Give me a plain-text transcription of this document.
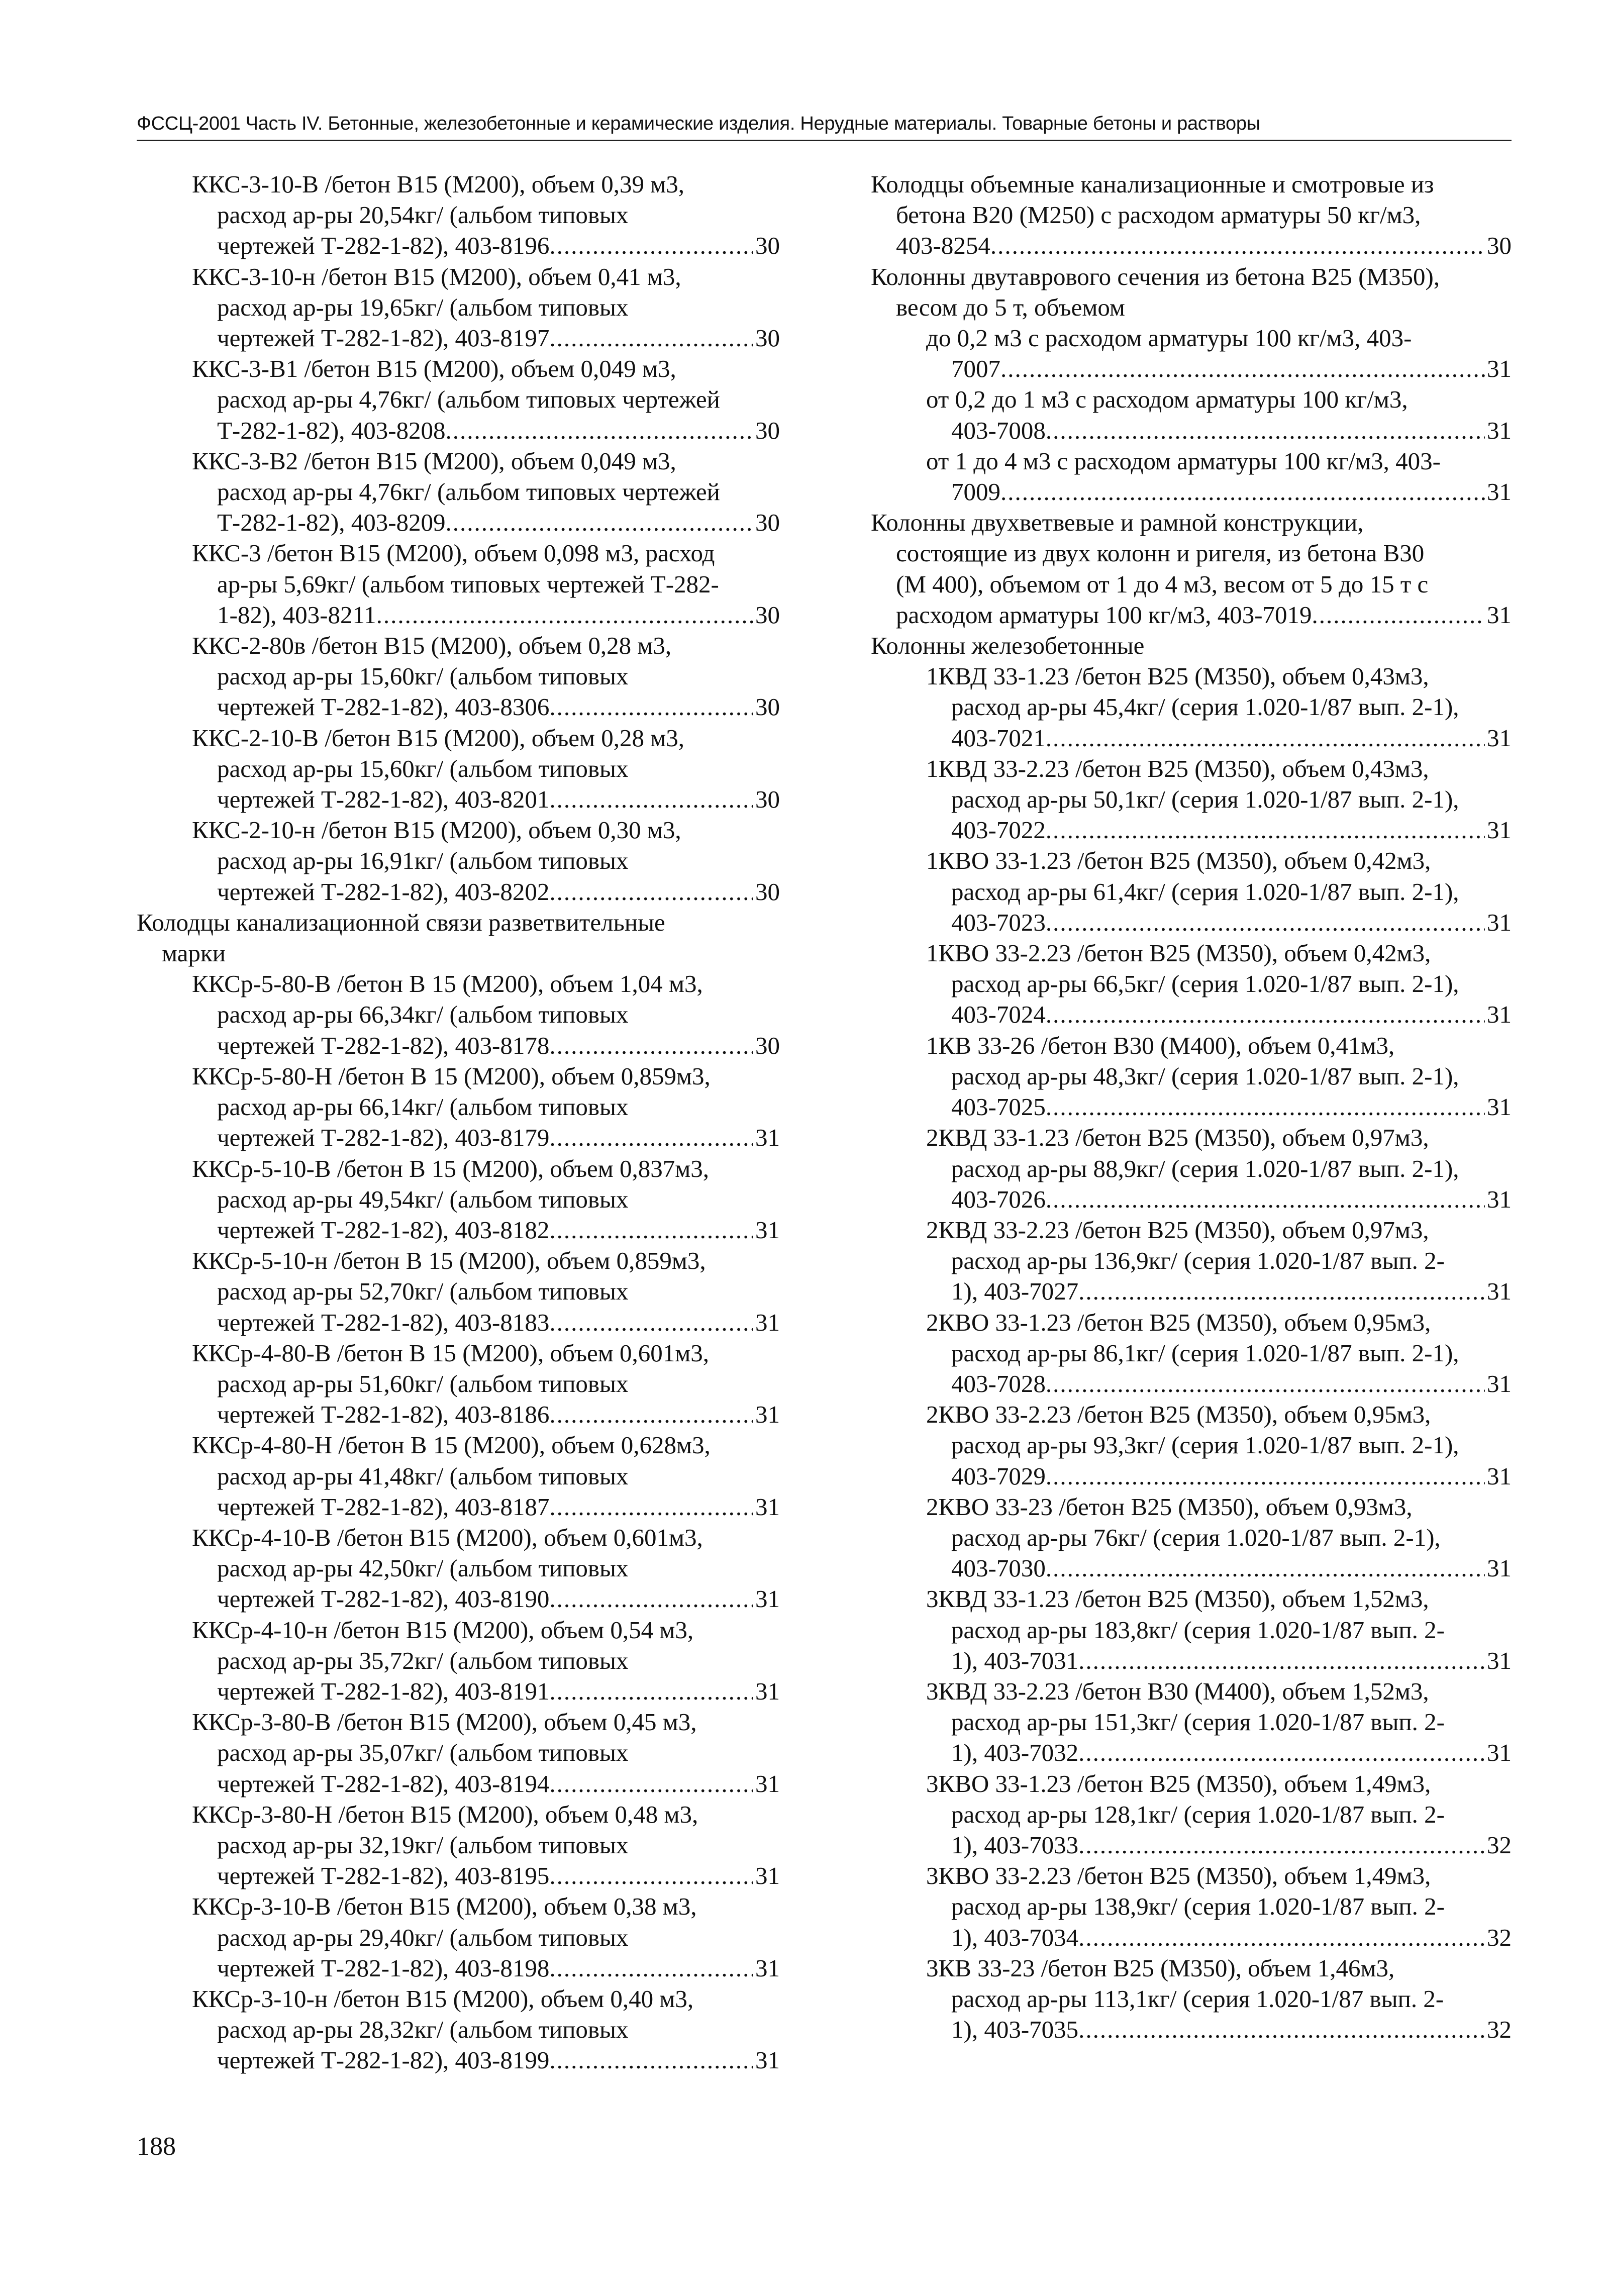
ФССЦ-2001 Часть IV. Бетонные, железобетонные и керамические изделия. Нерудные материалы. Товарные бетоны и растворы
ККС-3-10-В /бетон В15 (М200), объем 0,39 м3,
расход ар-ры 20,54кг/ (альбом типовых
чертежей Т-282-1-82), 403-8196 .....	30
ККС-3-10-н /бетон В15 (М200), объем 0,41 м3,
расход ар-ры 19,65кг/ (альбом типовых
чертежей Т-282-1-82), 403-8197 .....	30
ККС-3-В1 /бетон В15 (М200), объем 0,049 м3,
расход ар-ры 4,76кг/ (альбом типовых чертежей
Т-282-1-82), 403-8208 .....	30
ККС-3-В2 /бетон В15 (М200), объем 0,049 м3,
расход ар-ры 4,76кг/ (альбом типовых чертежей
Т-282-1-82), 403-8209 .....	30
ККС-3 /бетон В15 (М200), объем 0,098 м3, расход
ар-ры 5,69кг/ (альбом типовых чертежей Т-282-
1-82), 403-8211 .....	30
ККС-2-80в /бетон В15 (М200), объем 0,28 м3,
расход ар-ры 15,60кг/ (альбом типовых
чертежей Т-282-1-82), 403-8306 .....	30
ККС-2-10-В /бетон В15 (М200), объем 0,28 м3,
расход ар-ры 15,60кг/ (альбом типовых
чертежей Т-282-1-82), 403-8201 .....	30
ККС-2-10-н /бетон В15 (М200), объем 0,30 м3,
расход ар-ры 16,91кг/ (альбом типовых
чертежей Т-282-1-82), 403-8202 .....	30
Колодцы канализационной связи разветвительные
марки
ККСр-5-80-В /бетон В 15 (М200), объем 1,04 м3,
расход ар-ры 66,34кг/ (альбом типовых
чертежей Т-282-1-82), 403-8178 .....	30
ККСр-5-80-Н /бетон В 15 (М200), объем 0,859м3,
расход ар-ры 66,14кг/ (альбом типовых
чертежей Т-282-1-82), 403-8179 .....	31
ККСр-5-10-В /бетон В 15 (М200), объем 0,837м3,
расход ар-ры 49,54кг/ (альбом типовых
чертежей Т-282-1-82), 403-8182 .....	31
ККСр-5-10-н /бетон В 15 (М200), объем 0,859м3,
расход ар-ры 52,70кг/ (альбом типовых
чертежей Т-282-1-82), 403-8183 .....	31
ККСр-4-80-В /бетон В 15 (М200), объем 0,601м3,
расход ар-ры 51,60кг/ (альбом типовых
чертежей Т-282-1-82), 403-8186 .....	31
ККСр-4-80-Н /бетон В 15 (М200), объем 0,628м3,
расход ар-ры 41,48кг/ (альбом типовых
чертежей Т-282-1-82), 403-8187 .....	31
ККСр-4-10-В /бетон В15 (М200), объем 0,601м3,
расход ар-ры 42,50кг/ (альбом типовых
чертежей Т-282-1-82), 403-8190 .....	31
ККСр-4-10-н /бетон В15 (М200), объем 0,54 м3,
расход ар-ры 35,72кг/ (альбом типовых
чертежей Т-282-1-82), 403-8191 .....	31
ККСр-3-80-В /бетон В15 (М200), объем 0,45 м3,
расход ар-ры 35,07кг/ (альбом типовых
чертежей Т-282-1-82), 403-8194 .....	31
ККСр-3-80-Н /бетон В15 (М200), объем 0,48 м3,
расход ар-ры 32,19кг/ (альбом типовых
чертежей Т-282-1-82), 403-8195 .....	31
ККСр-3-10-В /бетон В15 (М200), объем 0,38 м3,
расход ар-ры 29,40кг/ (альбом типовых
чертежей Т-282-1-82), 403-8198 .....	31
ККСр-3-10-н /бетон В15 (М200), объем 0,40 м3,
расход ар-ры 28,32кг/ (альбом типовых
чертежей Т-282-1-82), 403-8199 .....	31
Колодцы объемные канализационные и смотровые из
бетона В20 (М250) с расходом арматуры 50 кг/м3,
403-8254 .....	30
Колонны двутаврового сечения из бетона В25 (М350),
весом до 5 т, объемом
до 0,2 м3 с расходом арматуры 100 кг/м3, 403-
7007 .....	31
от 0,2 до 1 м3 с расходом арматуры 100 кг/м3,
403-7008 .....	31
от 1 до 4 м3 с расходом арматуры 100 кг/м3, 403-
7009 .....	31
Колонны двухветвевые и рамной конструкции,
состоящие из двух колонн и ригеля, из бетона В30
(М 400), объемом от 1 до 4 м3, весом от 5 до 15 т с
расходом арматуры 100 кг/м3, 403-7019 .....	31
Колонны железобетонные
1КВД 33-1.23 /бетон В25 (М350), объем 0,43м3,
расход ар-ры 45,4кг/ (серия 1.020-1/87 вып. 2-1),
403-7021 .....	31
1КВД 33-2.23 /бетон В25 (М350), объем 0,43м3,
расход ар-ры 50,1кг/ (серия 1.020-1/87 вып. 2-1),
403-7022 .....	31
1КВО 33-1.23 /бетон В25 (М350), объем 0,42м3,
расход ар-ры 61,4кг/ (серия 1.020-1/87 вып. 2-1),
403-7023 .....	31
1КВО 33-2.23 /бетон В25 (М350), объем 0,42м3,
расход ар-ры 66,5кг/ (серия 1.020-1/87 вып. 2-1),
403-7024 .....	31
1КВ 33-26 /бетон В30 (М400), объем 0,41м3,
расход ар-ры 48,3кг/ (серия 1.020-1/87 вып. 2-1),
403-7025 .....	31
2КВД 33-1.23 /бетон В25 (М350), объем 0,97м3,
расход ар-ры 88,9кг/ (серия 1.020-1/87 вып. 2-1),
403-7026 .....	31
2КВД 33-2.23 /бетон В25 (М350), объем 0,97м3,
расход ар-ры 136,9кг/ (серия 1.020-1/87 вып. 2-
1), 403-7027 .....	31
2КВО 33-1.23 /бетон В25 (М350), объем 0,95м3,
расход ар-ры 86,1кг/ (серия 1.020-1/87 вып. 2-1),
403-7028 .....	31
2КВО 33-2.23 /бетон В25 (М350), объем 0,95м3,
расход ар-ры 93,3кг/ (серия 1.020-1/87 вып. 2-1),
403-7029 .....	31
2КВО 33-23 /бетон В25 (М350), объем 0,93м3,
расход ар-ры 76кг/ (серия 1.020-1/87 вып. 2-1),
403-7030 .....	31
3КВД 33-1.23 /бетон В25 (М350), объем 1,52м3,
расход ар-ры 183,8кг/ (серия 1.020-1/87 вып. 2-
1), 403-7031 .....	31
3КВД 33-2.23 /бетон В30 (М400), объем 1,52м3,
расход ар-ры 151,3кг/ (серия 1.020-1/87 вып. 2-
1), 403-7032 .....	31
3КВО 33-1.23 /бетон В25 (М350), объем 1,49м3,
расход ар-ры 128,1кг/ (серия 1.020-1/87 вып. 2-
1), 403-7033 .....	32
3КВО 33-2.23 /бетон В25 (М350), объем 1,49м3,
расход ар-ры 138,9кг/ (серия 1.020-1/87 вып. 2-
1), 403-7034 .....	32
3КВ 33-23 /бетон В25 (М350), объем 1,46м3,
расход ар-ры 113,1кг/ (серия 1.020-1/87 вып. 2-
1), 403-7035 .....	32
188
